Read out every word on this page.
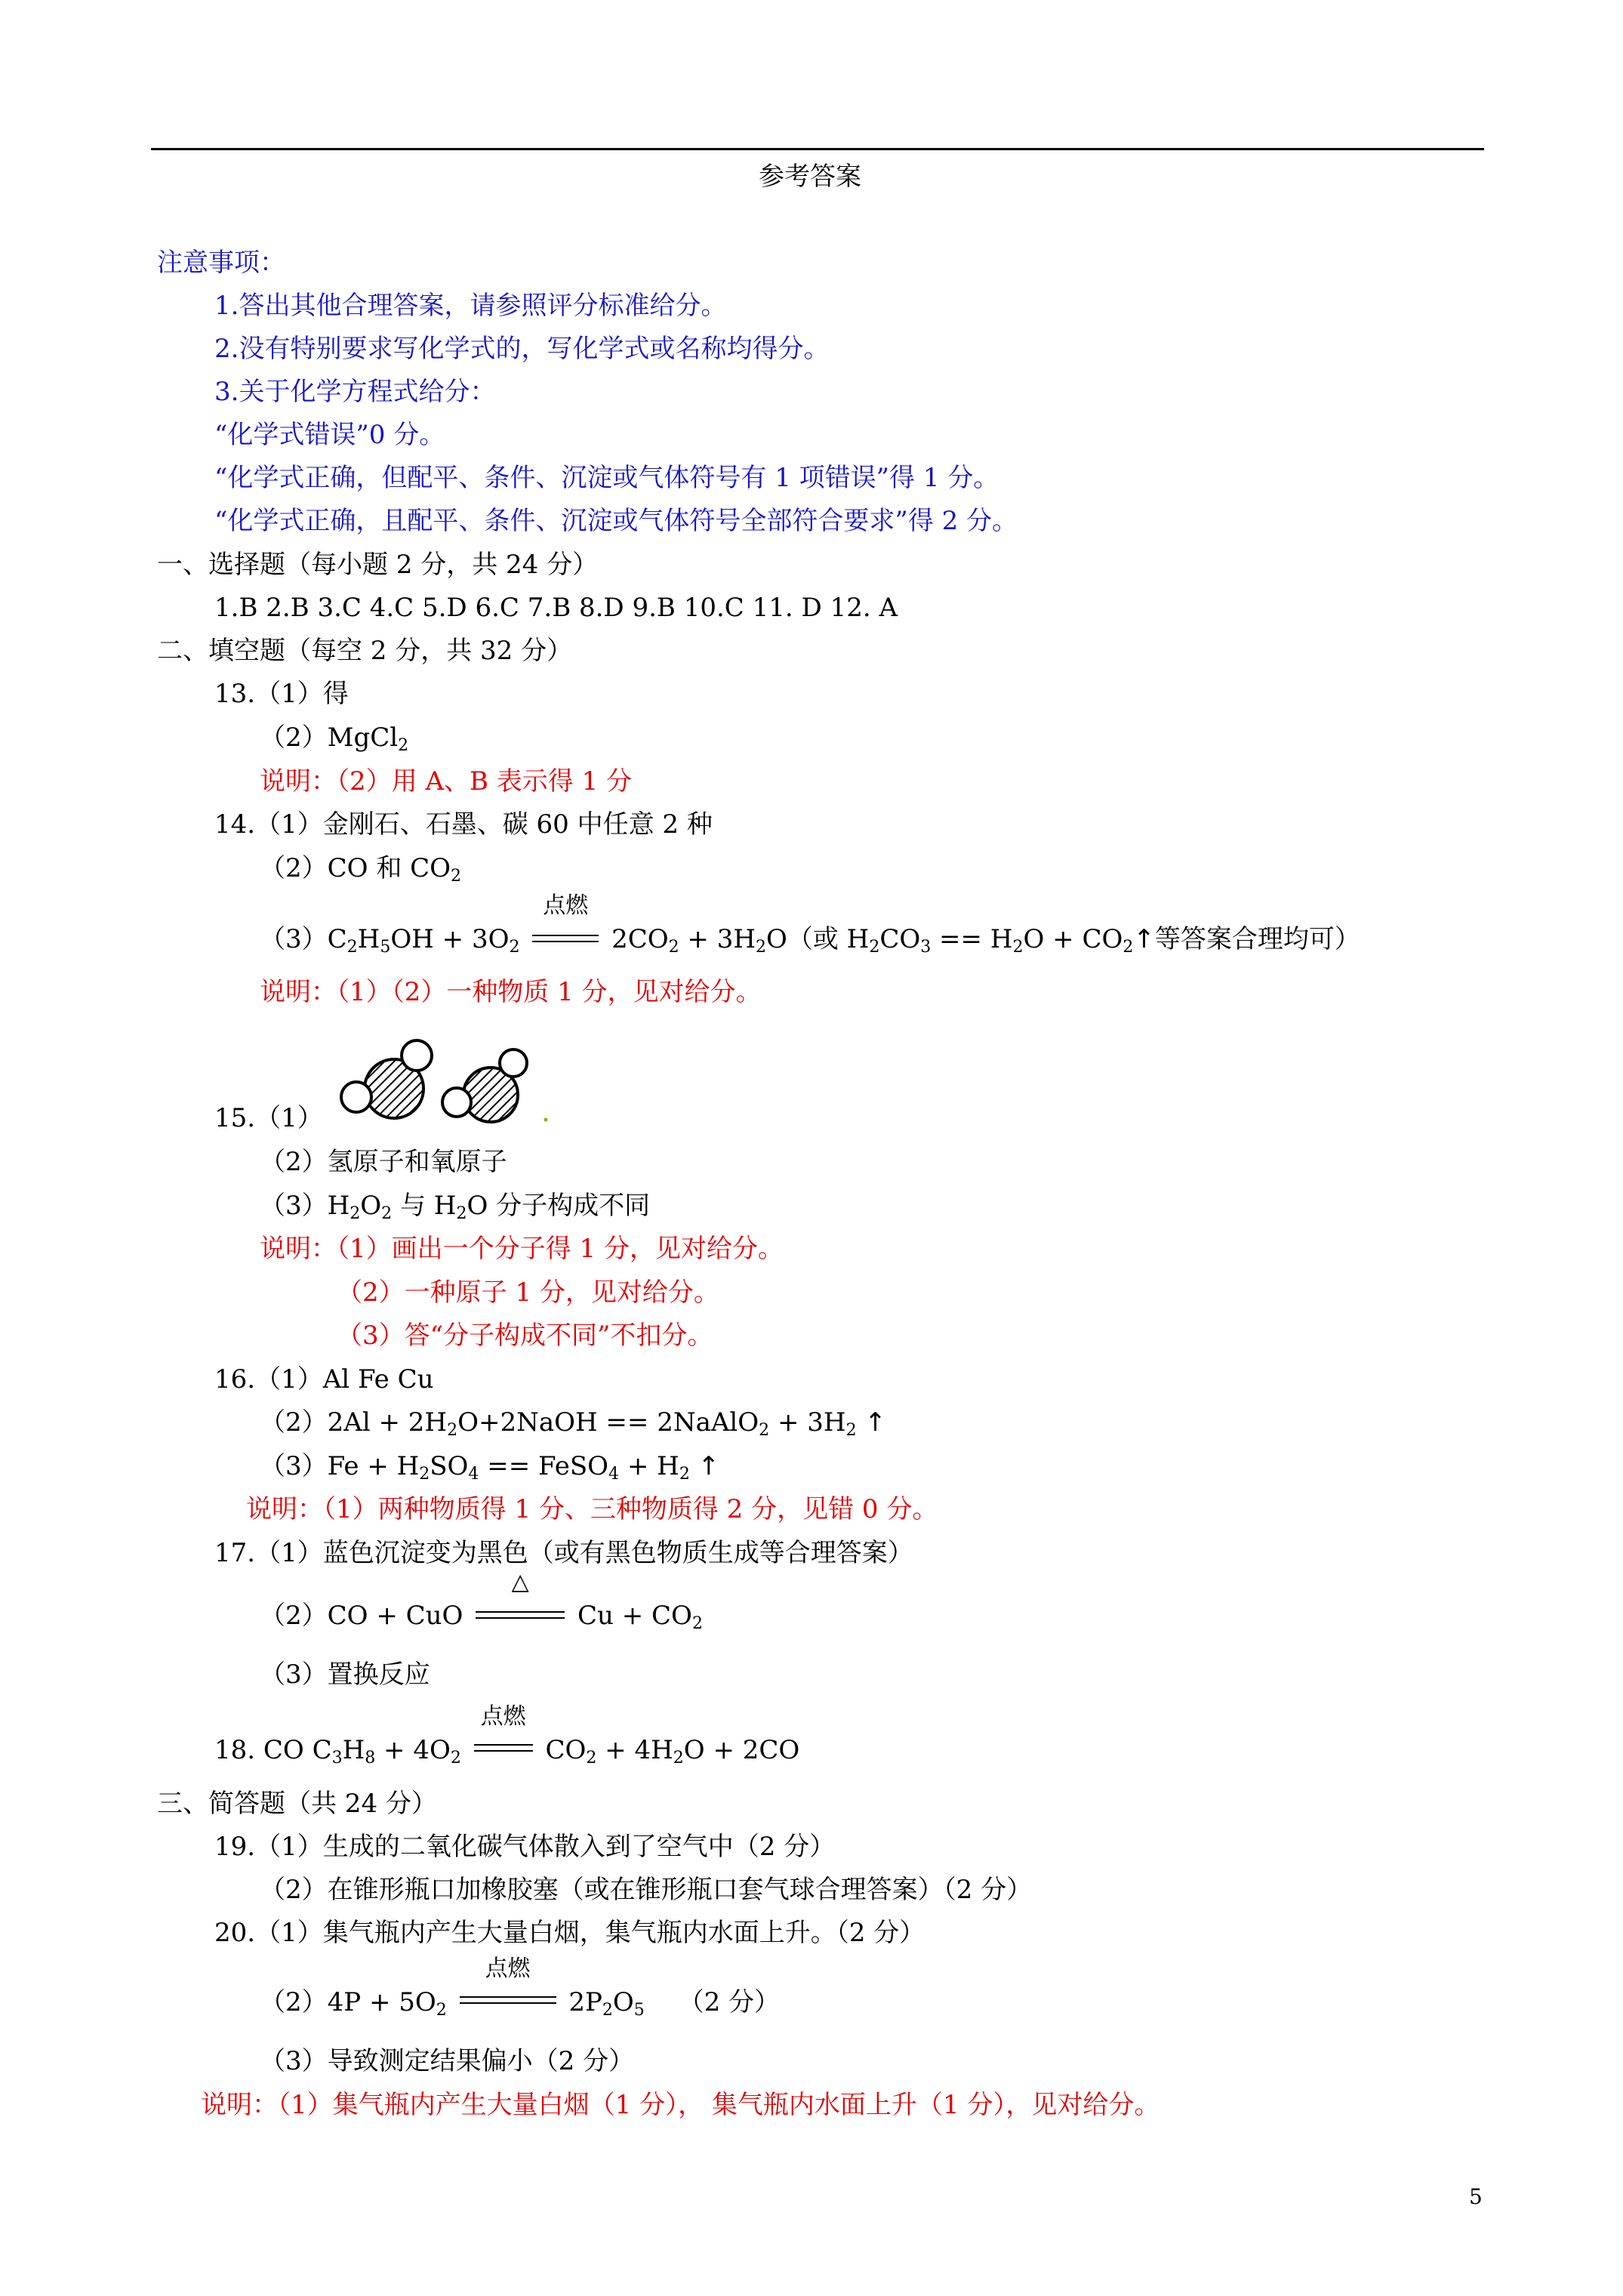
参考答案
注意事项：
1.答出其他合理答案，请参照评分标准给分。
2.没有特别要求写化学式的，写化学式或名称均得分。
3.关于化学方程式给分：
“化学式错误”0 分。
“化学式正确，但配平、条件、沉淀或气体符号有 1 项错误”得 1 分。
“化学式正确，且配平、条件、沉淀或气体符号全部符合要求”得 2 分。
一、选择题（每小题 2 分，共 24 分）
1.B 2.B 3.C 4.C 5.D 6.C 7.B 8.D 9.B 10.C 11. D 12. A
二、填空题（每空 2 分，共 32 分）
13.（1）得
（2）MgCl$_2$
说明：（2）用 A、B 表示得 1 分
14.（1）金刚石、石墨、碳 60 中任意 2 种
（2）CO 和 $CO_2$
$(3)C_2H_5OH + 3O_2$
点燃
$2CO_2 + 3H_2O$（或 $H_2CO_3 == H_2O$ + $CO_2↑$等答案合理均可）
说明：（1）（2）一种物质 1 分，见对给分。
15.（1）
（2）氢原子和氧原子
$(3)H_2O_2$ 与 $H_2O$ 分子构成不同
说明：（1）画出一个分子得 1 分，见对给分。
（2）一种原子 1 分，见对给分。
（3）答“分子构成不同”不扣分。
16.（1）Al Fe Cu
$(2)2Al + 2H_2O+2NaOH$ == 2NaAlO$_2$ + $3H_2$ ↑
$(3)Fe + H_2SO_4$ == FeSO$_4$ + $H_2$ ↑
说明：（1）两种物质得 1 分、三种物质得 2 分，见错 0 分。
17.（1）蓝色沉淀变为黑色（或有黑色物质生成等合理答案）
（2）CO + CuO
△
$Cu + CO_2$
（3）置换反应
18. CO $C_3H_8 + 4O_2$
点燃
$CO_2 + 4H_2O + 2CO$
三、简答题（共 24 分）
19.（1）生成的二氧化碳气体散入到了空气中（2 分）
（2）在锥形瓶口加橡胶塞（或在锥形瓶口套气球合理答案）（2 分）
20.（1）集气瓶内产生大量白烟，集气瓶内水面上升。（2 分）
$(2)4P + 5O_2$
点燃
$2P_2O_5$　 （2 分）
（3）导致测定结果偏小（2 分）
说明：（1）集气瓶内产生大量白烟（1 分）， 集气瓶内水面上升（1 分），见对给分。
5
